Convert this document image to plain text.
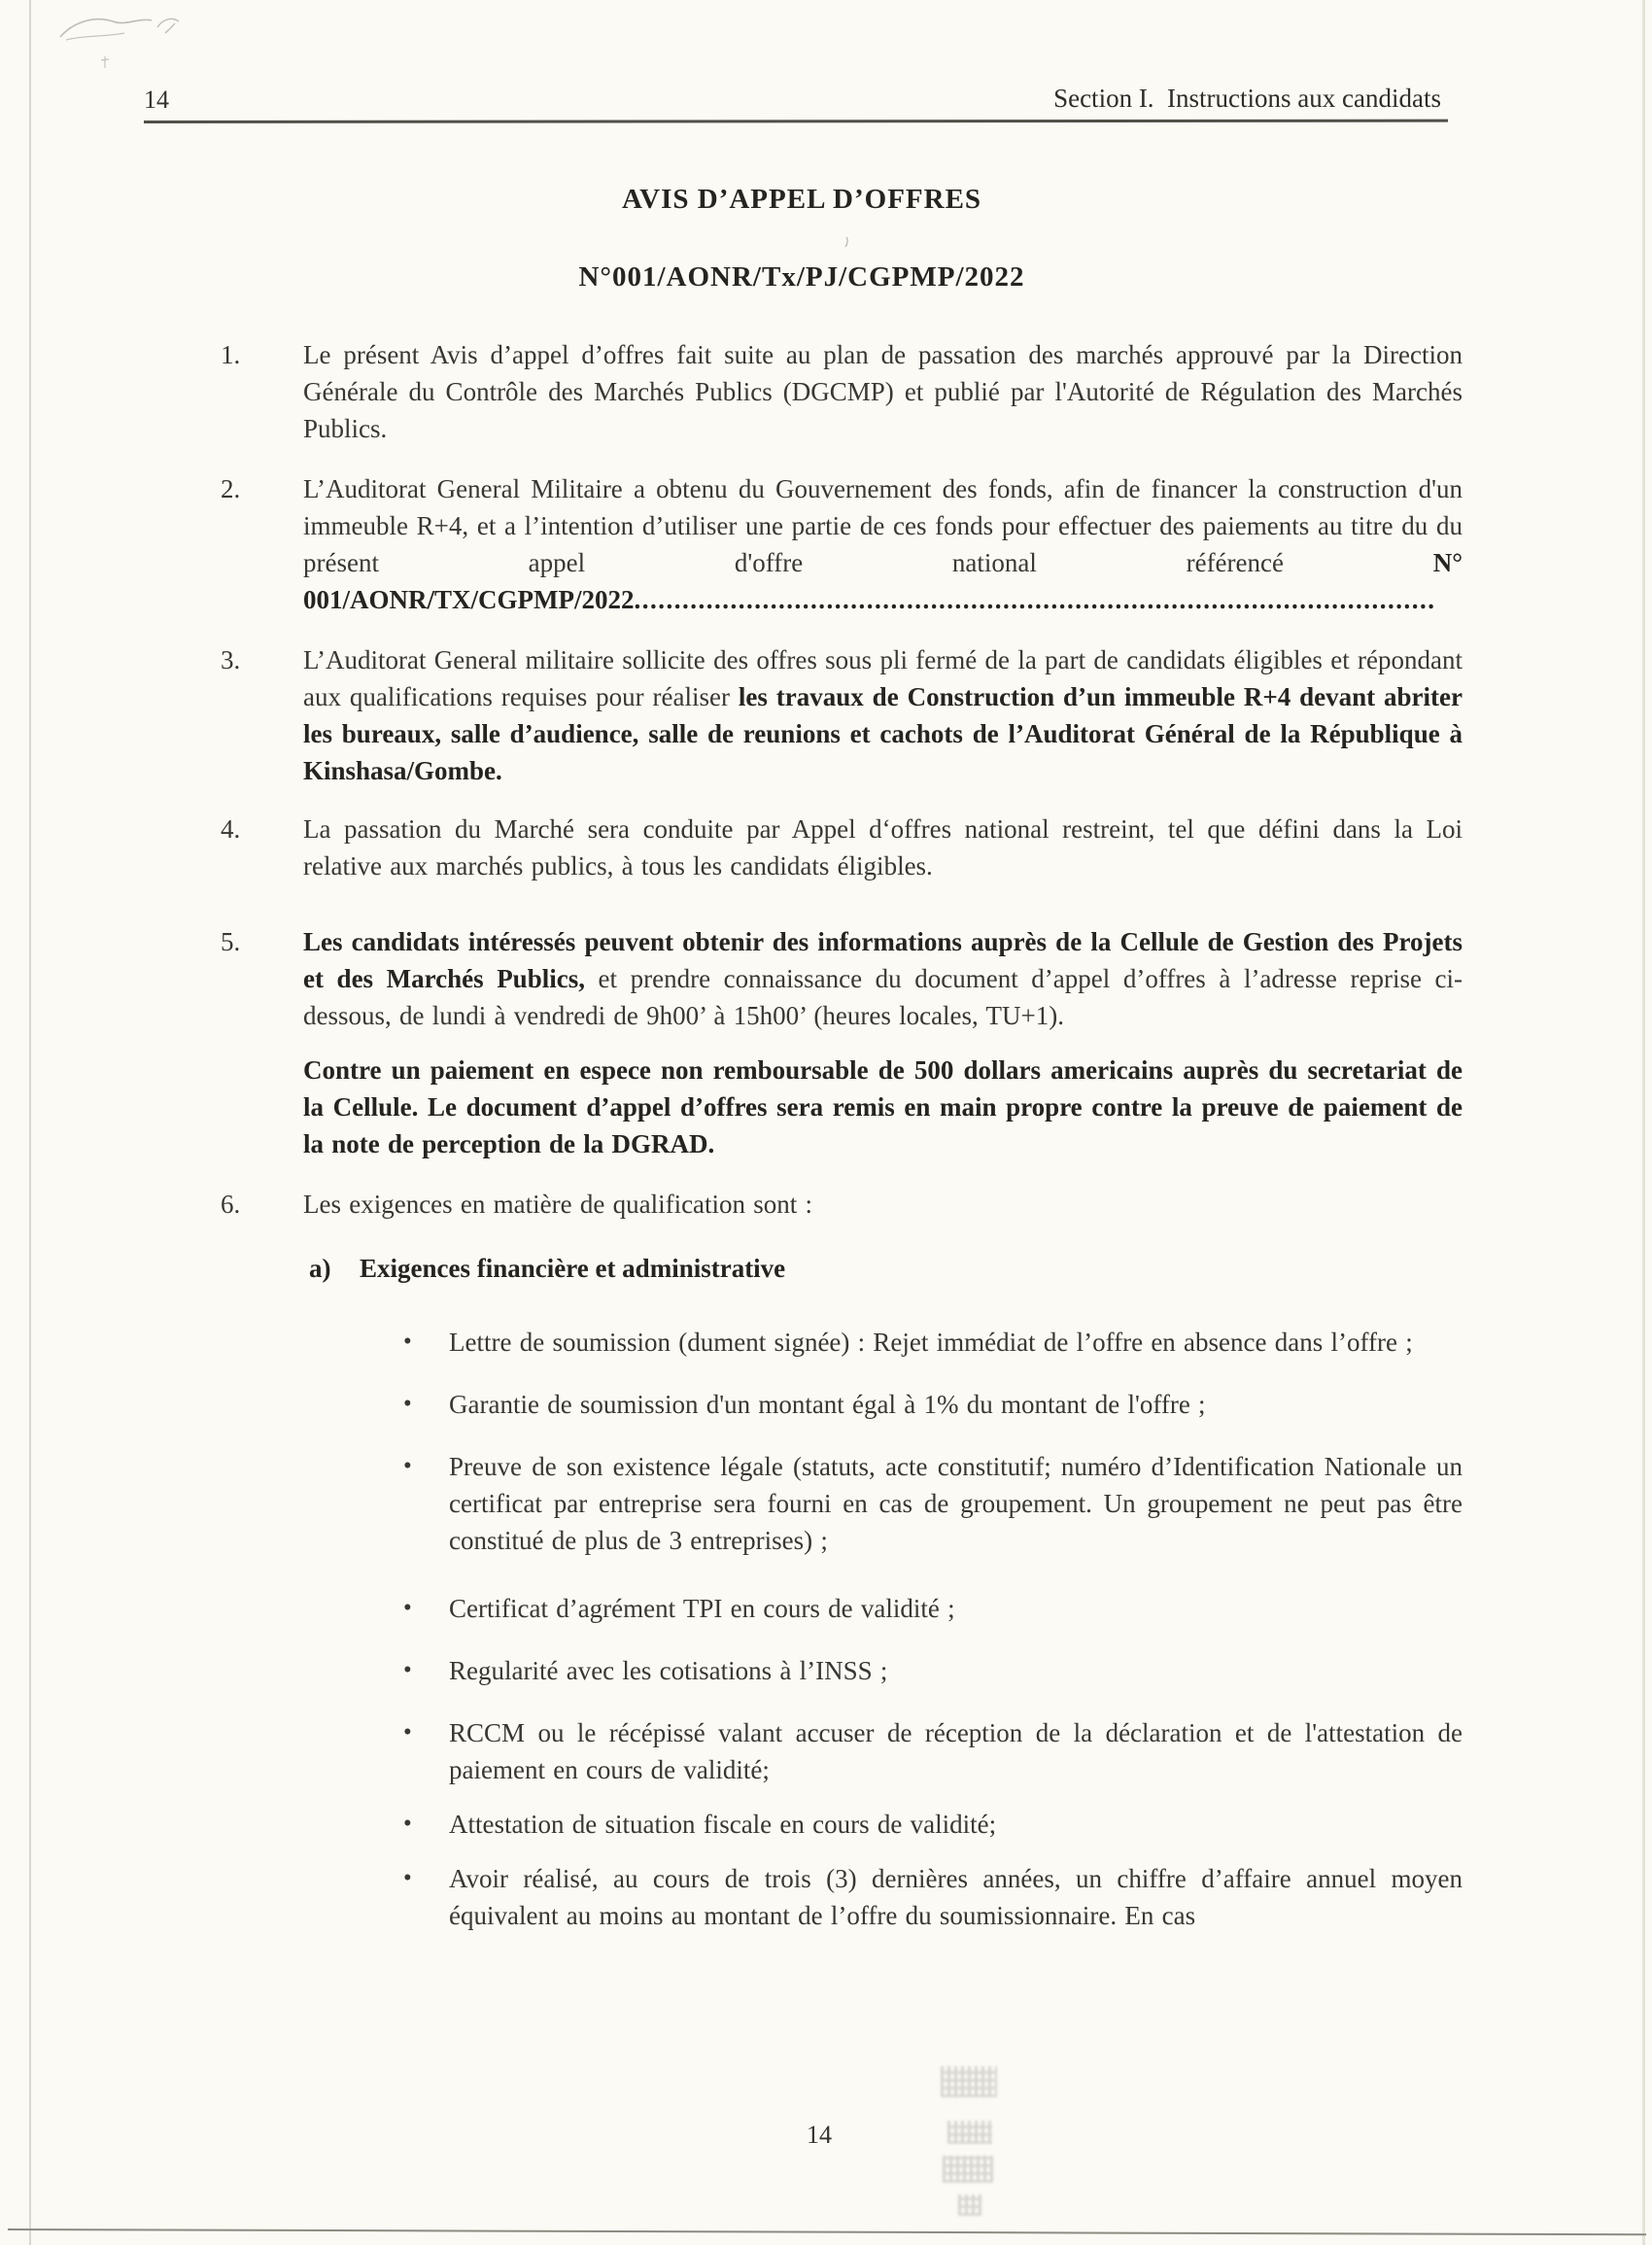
14	Section I.  Instructions aux candidats
AVIS D’APPEL D’OFFRES
N°001/AONR/Tx/PJ/CGPMP/2022
1. Le présent Avis d’appel d’offres fait suite au plan de passation des marchés approuvé par la Direction Générale du Contrôle des Marchés Publics (DGCMP) et publié par l'Autorité de Régulation des Marchés Publics.
2. L’Auditorat General Militaire a obtenu du Gouvernement des fonds, afin de financer la construction d'un immeuble R+4, et a l’intention d’utiliser une partie de ces fonds pour effectuer des paiements au titre du du présent appel d'offre national référencé N° 001/AONR/TX/CGPMP/2022....................................................................................................
3. L’Auditorat General militaire sollicite des offres sous pli fermé de la part de candidats éligibles et répondant aux qualifications requises pour réaliser les travaux de Construction d’un immeuble R+4 devant abriter les bureaux, salle d’audience, salle de reunions et cachots de l’Auditorat Général de la République à Kinshasa/Gombe.
4. La passation du Marché sera conduite par Appel d‘offres national restreint, tel que défini dans la Loi relative aux marchés publics, à tous les candidats éligibles.
5. Les candidats intéressés peuvent obtenir des informations auprès de la Cellule de Gestion des Projets et des Marchés Publics, et prendre connaissance du document d’appel d’offres à l’adresse reprise ci-dessous, de lundi à vendredi de 9h00’ à 15h00’ (heures locales, TU+1).
Contre un paiement en espece non remboursable de 500 dollars americains auprès du secretariat de la Cellule. Le document d’appel d’offres sera remis en main propre contre la preuve de paiement de la note de perception de la DGRAD.
6. Les exigences en matière de qualification sont :
a) Exigences financière et administrative
• Lettre de soumission (dument signée) : Rejet immédiat de l’offre en absence dans l’offre ;
• Garantie de soumission d'un montant égal à 1% du montant de l'offre ;
• Preuve de son existence légale (statuts, acte constitutif; numéro d’Identification Nationale un certificat par entreprise sera fourni en cas de groupement. Un groupement ne peut pas être constitué de plus de 3 entreprises) ;
• Certificat d’agrément TPI en cours de validité ;
• Regularité avec les cotisations à l’INSS ;
• RCCM ou le récépissé valant accuser de réception de la déclaration et de l'attestation de paiement en cours de validité;
• Attestation de situation fiscale en cours de validité;
• Avoir réalisé, au cours de trois (3) dernières années, un chiffre d’affaire annuel moyen équivalent au moins au montant de l’offre du soumissionnaire. En cas
14
